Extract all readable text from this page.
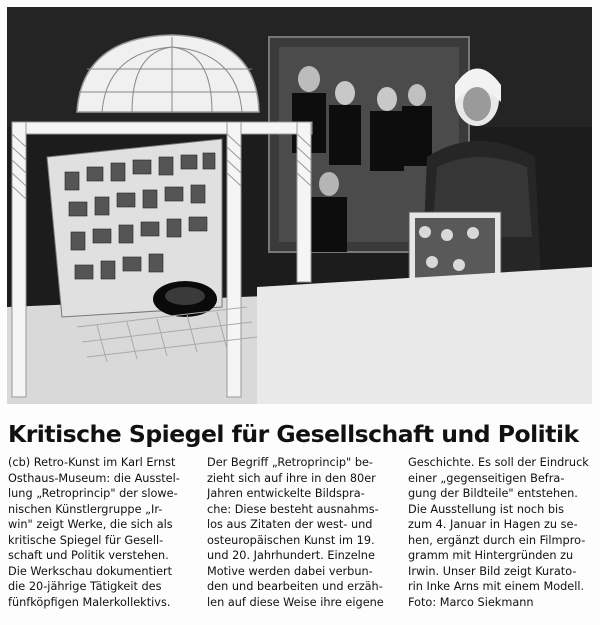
Kritische Spiegel für Gesellschaft und Politik
(cb) Retro-Kunst im Karl Ernst
Osthaus-Museum: die Ausstel-
lung „Retroprincip" der slowe-
nischen Künstlergruppe „Ir-
win" zeigt Werke, die sich als
kritische Spiegel für Gesell-
schaft und Politik verstehen.
Die Werkschau dokumentiert
die 20-jährige Tätigkeit des
fünfköpfigen Malerkollektivs.
Der Begriff „Retroprincip" be-
zieht sich auf ihre in den 80er
Jahren entwickelte Bildspra-
che: Diese besteht ausnahms-
los aus Zitaten der west- und
osteuropäischen Kunst im 19.
und 20. Jahrhundert. Einzelne
Motive werden dabei verbun-
den und bearbeiten und erzäh-
len auf diese Weise ihre eigene
Geschichte. Es soll der Eindruck
einer „gegenseitigen Befra-
gung der Bildteile" entstehen.
Die Ausstellung ist noch bis
zum 4. Januar in Hagen zu se-
hen, ergänzt durch ein Filmpro-
gramm mit Hintergründen zu
Irwin. Unser Bild zeigt Kurato-
rin Inke Arns mit einem Modell.
Foto: Marco Siekmann
